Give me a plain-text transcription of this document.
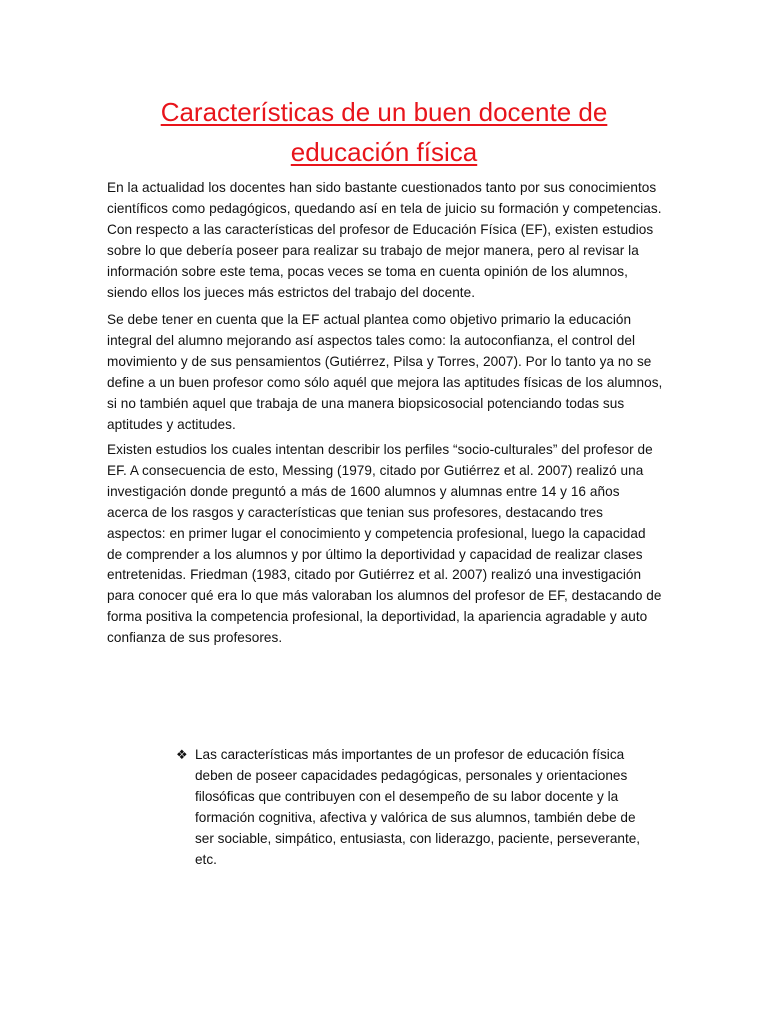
Características de un buen docente de
educación física

En la actualidad los docentes han sido bastante cuestionados tanto por sus conocimientos científicos como pedagógicos, quedando así en tela de juicio su formación y competencias. Con respecto a las características del profesor de Educación Física (EF), existen estudios sobre lo que debería poseer para realizar su trabajo de mejor manera, pero al revisar la información sobre este tema, pocas veces se toma en cuenta opinión de los alumnos, siendo ellos los jueces más estrictos del trabajo del docente.

Se debe tener en cuenta que la EF actual plantea como objetivo primario la educación integral del alumno mejorando así aspectos tales como: la autoconfianza, el control del movimiento y de sus pensamientos (Gutiérrez, Pilsa y Torres, 2007). Por lo tanto ya no se define a un buen profesor como sólo aquél que mejora las aptitudes físicas de los alumnos, si no también aquel que trabaja de una manera biopsicosocial potenciando todas sus aptitudes y actitudes.

Existen estudios los cuales intentan describir los perfiles “socio-culturales” del profesor de EF. A consecuencia de esto, Messing (1979, citado por Gutiérrez et al. 2007) realizó una investigación donde preguntó a más de 1600 alumnos y alumnas entre 14 y 16 años acerca de los rasgos y características que tenian sus profesores, destacando tres aspectos: en primer lugar el conocimiento y competencia profesional, luego la capacidad de comprender a los alumnos y por último la deportividad y capacidad de realizar clases entretenidas. Friedman (1983, citado por Gutiérrez et al. 2007) realizó una investigación para conocer qué era lo que más valoraban los alumnos del profesor de EF, destacando de forma positiva la competencia profesional, la deportividad, la apariencia agradable y auto confianza de sus profesores.

❖ Las características más importantes de un profesor de educación física deben de poseer capacidades pedagógicas, personales y orientaciones filosóficas que contribuyen con el desempeño de su labor docente y la formación cognitiva, afectiva y valórica de sus alumnos, también debe de ser sociable, simpático, entusiasta, con liderazgo, paciente, perseverante, etc.
